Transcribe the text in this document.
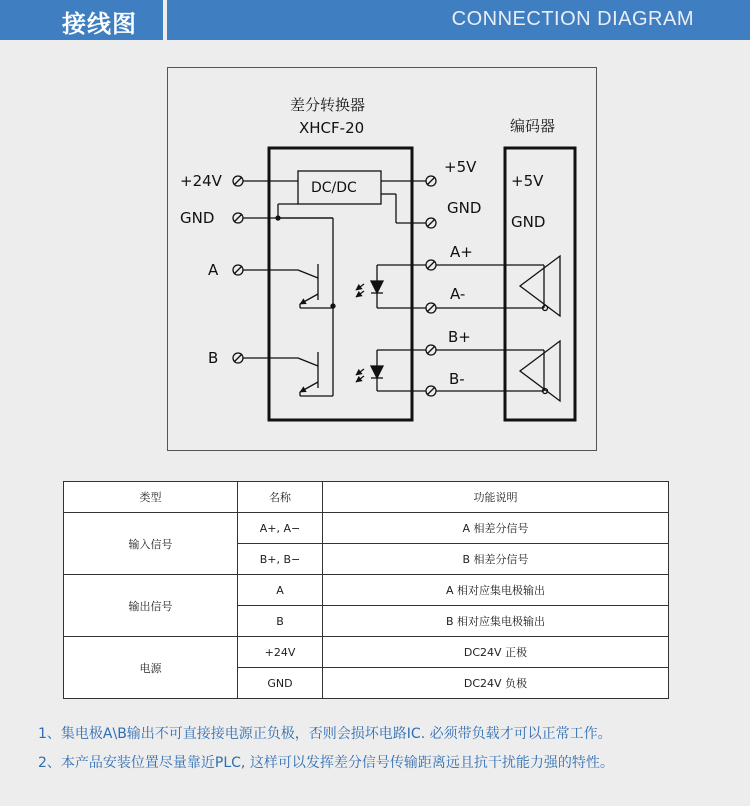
接线图	CONNECTION DIAGRAM
差分转换器
XHCF-20	编码器
DC/DC
+24V
GND
A
B
+5V
GND
A+
A-
B+
B-
+5V
GND
类型	名称	功能说明
输入信号	A+, A−	A 相差分信号
	B+, B−	B 相差分信号
输出信号	A	A 相对应集电极输出
	B	B 相对应集电极输出
电源	+24V	DC24V 正极
	GND	DC24V 负极
1、集电极A\B输出不可直接接电源正负极，否则会损坏电路IC. 必须带负载才可以正常工作。
2、本产品安装位置尽量靠近PLC, 这样可以发挥差分信号传输距离远且抗干扰能力强的特性。
